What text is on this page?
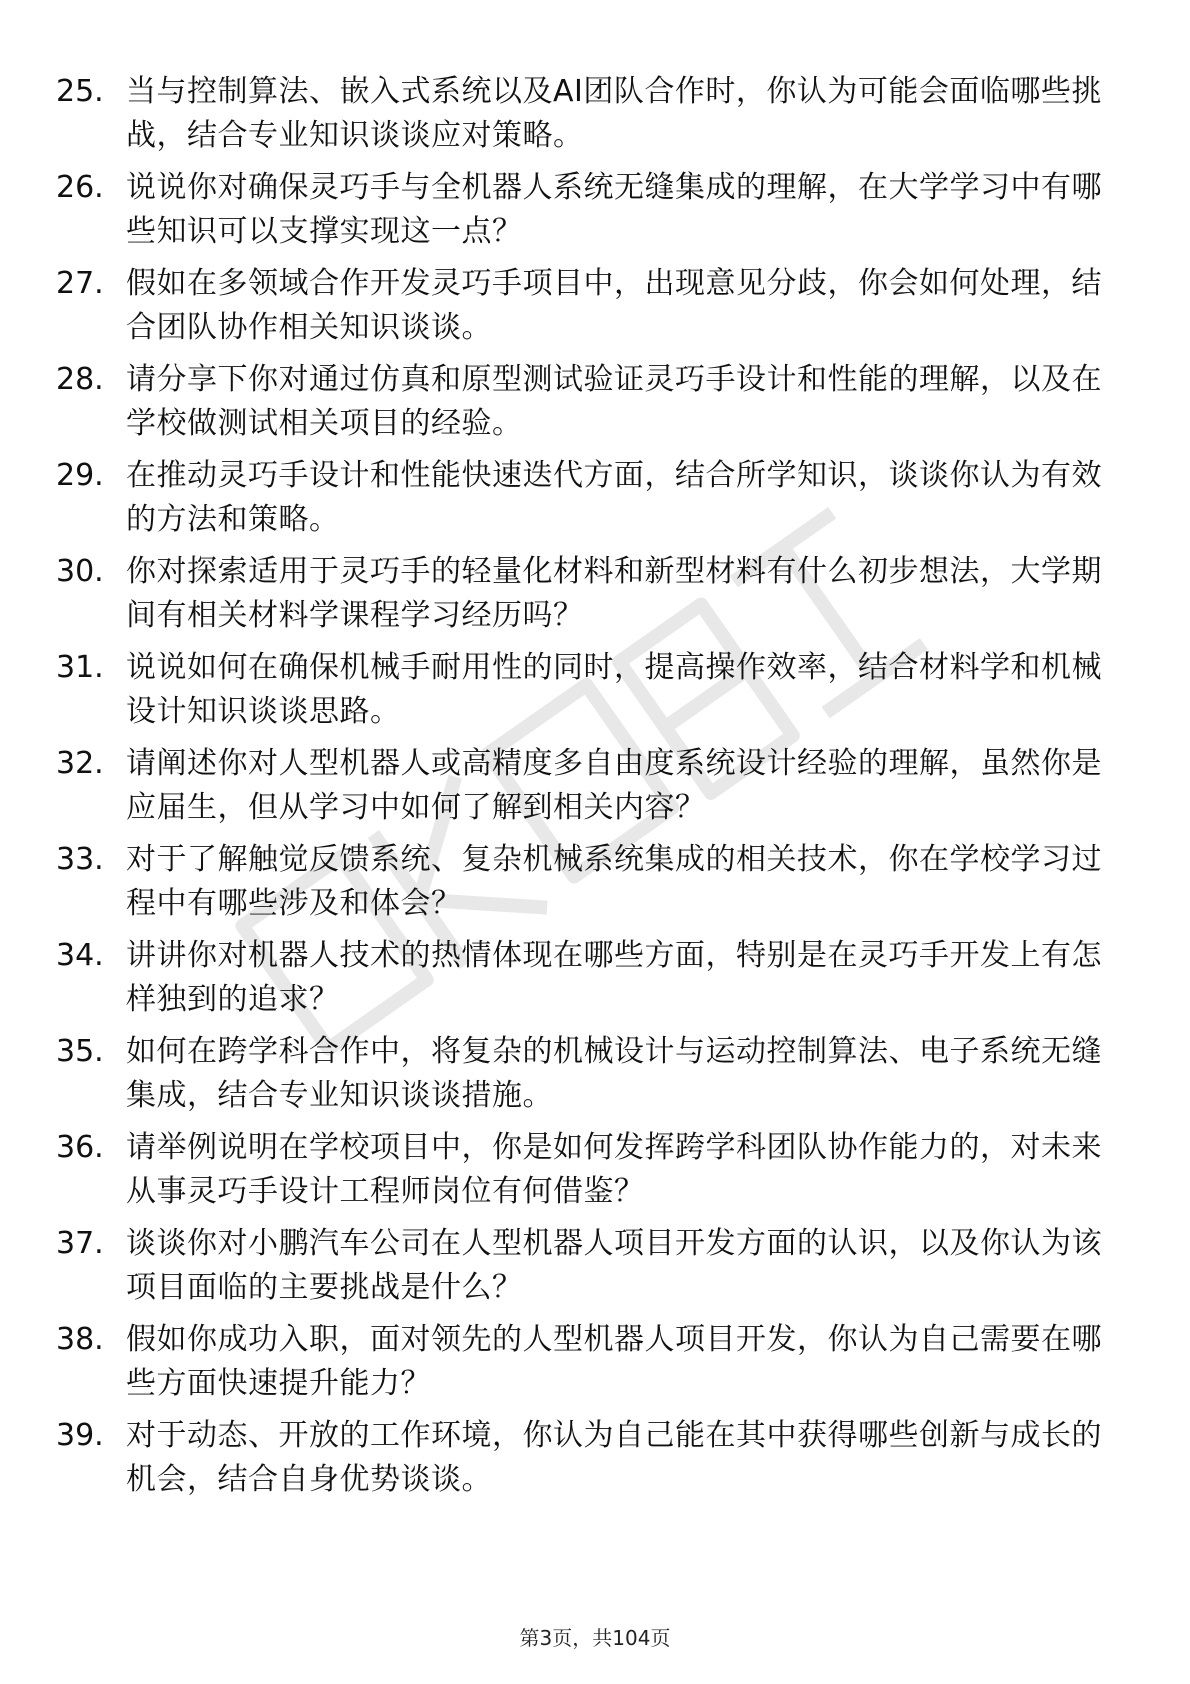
25. 当与控制算法、嵌入式系统以及AI团队合作时，你认为可能会面临哪些挑战，结合专业知识谈谈应对策略。
26. 说说你对确保灵巧手与全机器人系统无缝集成的理解，在大学学习中有哪些知识可以支撑实现这一点？
27. 假如在多领域合作开发灵巧手项目中，出现意见分歧，你会如何处理，结合团队协作相关知识谈谈。
28. 请分享下你对通过仿真和原型测试验证灵巧手设计和性能的理解，以及在学校做测试相关项目的经验。
29. 在推动灵巧手设计和性能快速迭代方面，结合所学知识，谈谈你认为有效的方法和策略。
30. 你对探索适用于灵巧手的轻量化材料和新型材料有什么初步想法，大学期间有相关材料学课程学习经历吗？
31. 说说如何在确保机械手耐用性的同时，提高操作效率，结合材料学和机械设计知识谈谈思路。
32. 请阐述你对人型机器人或高精度多自由度系统设计经验的理解，虽然你是应届生，但从学习中如何了解到相关内容？
33. 对于了解触觉反馈系统、复杂机械系统集成的相关技术，你在学校学习过程中有哪些涉及和体会？
34. 讲讲你对机器人技术的热情体现在哪些方面，特别是在灵巧手开发上有怎样独到的追求？
35. 如何在跨学科合作中，将复杂的机械设计与运动控制算法、电子系统无缝集成，结合专业知识谈谈措施。
36. 请举例说明在学校项目中，你是如何发挥跨学科团队协作能力的，对未来从事灵巧手设计工程师岗位有何借鉴？
37. 谈谈你对小鹏汽车公司在人型机器人项目开发方面的认识，以及你认为该项目面临的主要挑战是什么？
38. 假如你成功入职，面对领先的人型机器人项目开发，你认为自己需要在哪些方面快速提升能力？
39. 对于动态、开放的工作环境，你认为自己能在其中获得哪些创新与成长的机会，结合自身优势谈谈。
第3页，共104页
